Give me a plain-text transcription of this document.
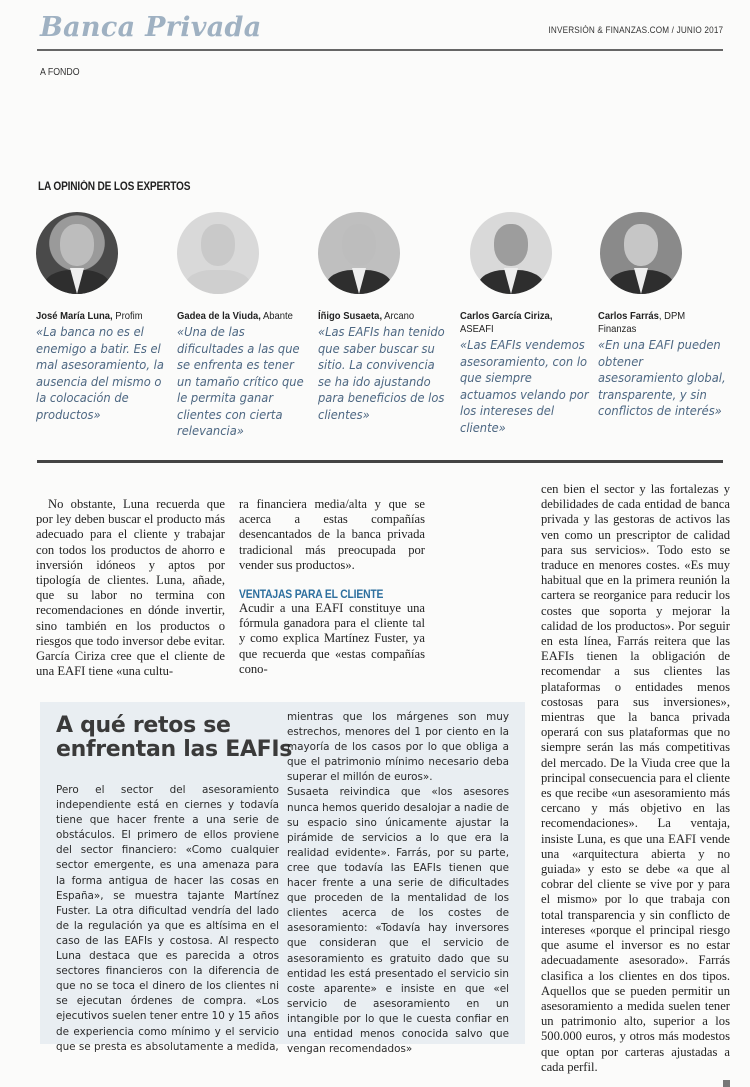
Banca Privada	INVERSIÓN & FINANZAS.COM / JUNIO 2017
A FONDO
LA OPINIÓN DE LOS EXPERTOS
José María Luna, Profim
«La banca no es el enemigo a batir. Es el mal asesoramiento, la ausencia del mismo o la colocación de productos»
Gadea de la Viuda, Abante
«Una de las dificultades a las que se enfrenta es tener un tamaño crítico que le permita ganar clientes con cierta relevancia»
Íñigo Susaeta, Arcano
«Las EAFIs han tenido que saber buscar su sitio. La convivencia se ha ido ajustando para beneficios de los clientes»
Carlos García Ciriza,
ASEAFI
«Las EAFIs vendemos asesoramiento, con lo que siempre actuamos velando por los intereses del cliente»
Carlos Farrás, DPM Finanzas
«En una EAFI pueden obtener asesoramiento global, transparente, y sin conflictos de interés»
No obstante, Luna recuerda que por ley deben buscar el producto más adecuado para el cliente y trabajar con todos los productos de ahorro e inversión idóneos y aptos por tipología de clientes. Luna, añade, que su labor no termina con recomendaciones en dónde invertir, sino también en los productos o riesgos que todo inversor debe evitar. García Ciriza cree que el cliente de una EAFI tiene «una cultu-
ra financiera media/alta y que se acerca a estas compañías desencantados de la banca privada tradicional más preocupada por vender sus productos».
VENTAJAS PARA EL CLIENTE
Acudir a una EAFI constituye una fórmula ganadora para el cliente tal y como explica Martínez Fuster, ya que recuerda que «estas compañías cono-
cen bien el sector y las fortalezas y debilidades de cada entidad de banca privada y las gestoras de activos las ven como un prescriptor de calidad para sus servicios». Todo esto se traduce en menores costes. «Es muy habitual que en la primera reunión la cartera se reorganice para reducir los costes que soporta y mejorar la calidad de los productos». Por seguir en esta línea, Farrás reitera que las EAFIs tienen la obligación de recomendar a sus clientes las plataformas o entidades menos costosas para sus inversiones», mientras que la banca privada operará con sus plataformas que no siempre serán las más competitivas del mercado. De la Viuda cree que la principal consecuencia para el cliente es que recibe «un asesoramiento más cercano y más objetivo en las recomendaciones». La ventaja, insiste Luna, es que una EAFI vende una «arquitectura abierta y no guiada» y esto se debe «a que al cobrar del cliente se vive por y para el mismo» por lo que trabaja con total transparencia y sin conflicto de intereses «porque el principal riesgo que asume el inversor es no estar adecuadamente asesorado». Farrás clasifica a los clientes en dos tipos. Aquellos que se pueden permitir un asesoramiento a medida suelen tener un patrimonio alto, superior a los 500.000 euros, y otros más modestos que optan por carteras ajustadas a cada perfil.
A qué retos se enfrentan las EAFIs
Pero el sector del asesoramiento independiente está en ciernes y todavía tiene que hacer frente a una serie de obstáculos. El primero de ellos proviene del sector financiero: «Como cualquier sector emergente, es una amenaza para la forma antigua de hacer las cosas en España», se muestra tajante Martínez Fuster. La otra dificultad vendría del lado de la regulación ya que es altísima en el caso de las EAFIs y costosa. Al respecto Luna destaca que es parecida a otros sectores financieros con la diferencia de que no se toca el dinero de los clientes ni se ejecutan órdenes de compra. «Los ejecutivos suelen tener entre 10 y 15 años de experiencia como mínimo y el servicio que se presta es absolutamente a medida,
mientras que los márgenes son muy estrechos, menores del 1 por ciento en la mayoría de los casos por lo que obliga a que el patrimonio mínimo necesario deba superar el millón de euros».
Susaeta reivindica que «los asesores nunca hemos querido desalojar a nadie de su espacio sino únicamente ajustar la pirámide de servicios a lo que era la realidad evidente». Farrás, por su parte, cree que todavía las EAFIs tienen que hacer frente a una serie de dificultades que proceden de la mentalidad de los clientes acerca de los costes de asesoramiento: «Todavía hay inversores que consideran que el servicio de asesoramiento es gratuito dado que su entidad les está presentado el servicio sin coste aparente» e insiste en que «el servicio de asesoramiento en un intangible por lo que le cuesta confiar en una entidad menos conocida salvo que vengan recomendados»
